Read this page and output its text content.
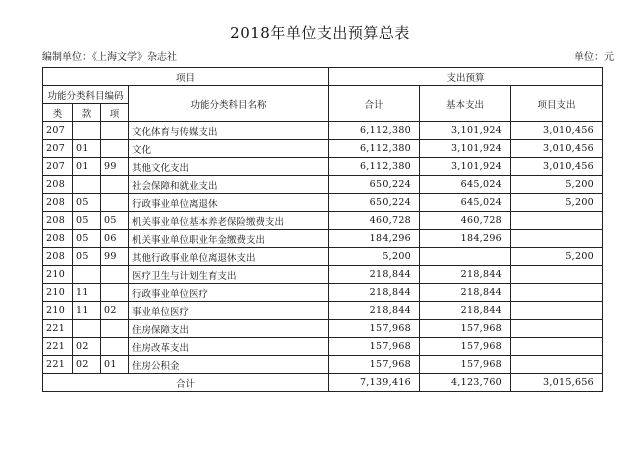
2018年单位支出预算总表
编制单位：《上海文学》杂志社	单位：元
项目				支出预算		
功能分类科目编码			功能分类科目名称	合计	基本支出	项目支出
类	款	项				
207			文化体育与传媒支出	6,112,380	3,101,924	3,010,456
207	01		文化	6,112,380	3,101,924	3,010,456
207	01	99	其他文化支出	6,112,380	3,101,924	3,010,456
208			社会保障和就业支出	650,224	645,024	5,200
208	05		行政事业单位离退休	650,224	645,024	5,200
208	05	05	机关事业单位基本养老保险缴费支出	460,728	460,728	
208	05	06	机关事业单位职业年金缴费支出	184,296	184,296	
208	05	99	其他行政事业单位离退休支出	5,200		5,200
210			医疗卫生与计划生育支出	218,844	218,844	
210	11		行政事业单位医疗	218,844	218,844	
210	11	02	事业单位医疗	218,844	218,844	
221			住房保障支出	157,968	157,968	
221	02		住房改革支出	157,968	157,968	
221	02	01	住房公积金	157,968	157,968	
合计				7,139,416	4,123,760	3,015,656
